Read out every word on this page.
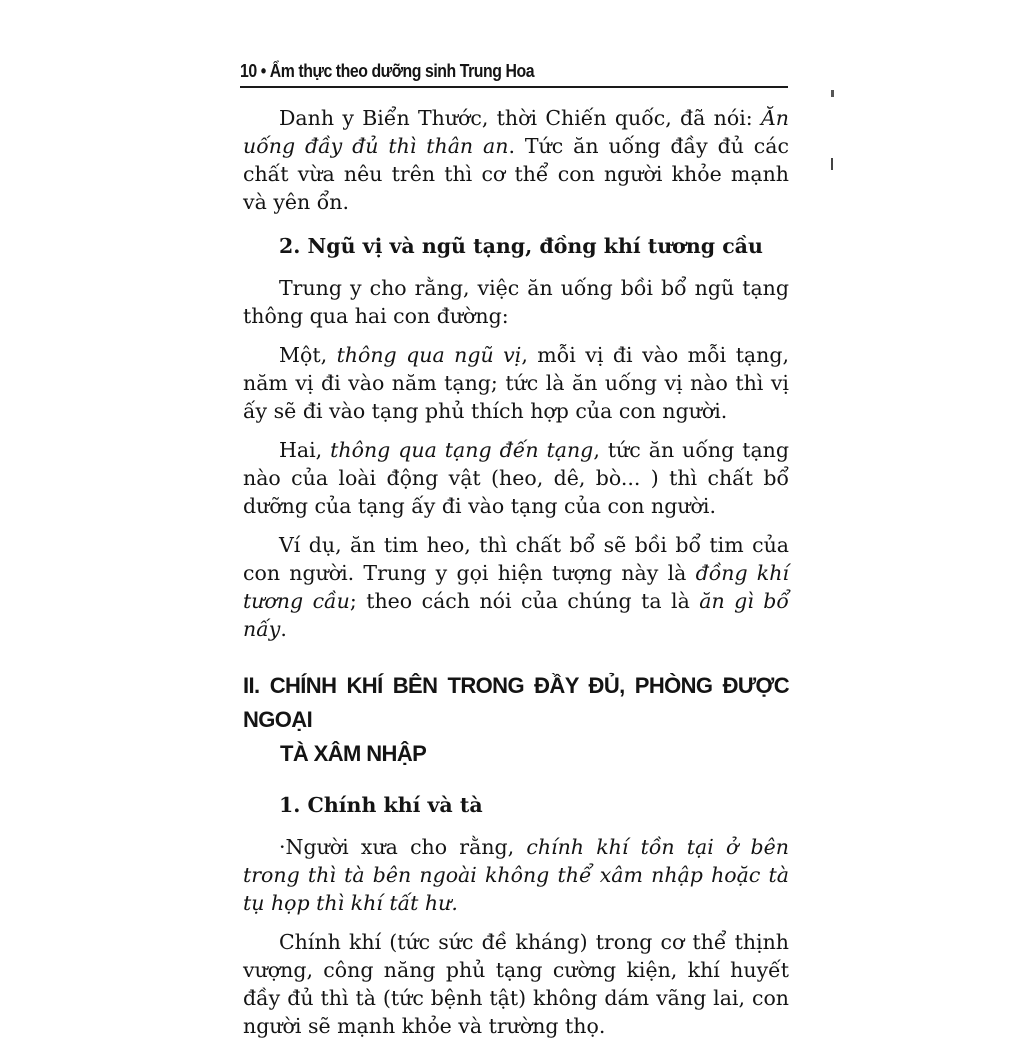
10 • Ẩm thực theo dưỡng sinh Trung Hoa

Danh y Biển Thước, thời Chiến quốc, đã nói: Ăn uống đầy đủ thì thân an. Tức ăn uống đầy đủ các chất vừa nêu trên thì cơ thể con người khỏe mạnh và yên ổn.

2. Ngũ vị và ngũ tạng, đồng khí tương cầu

Trung y cho rằng, việc ăn uống bồi bổ ngũ tạng thông qua hai con đường:

Một, thông qua ngũ vị, mỗi vị đi vào mỗi tạng, năm vị đi vào năm tạng; tức là ăn uống vị nào thì vị ấy sẽ đi vào tạng phủ thích hợp của con người.

Hai, thông qua tạng đến tạng, tức ăn uống tạng nào của loài động vật (heo, dê, bò... ) thì chất bổ dưỡng của tạng ấy đi vào tạng của con người.

Ví dụ, ăn tim heo, thì chất bổ sẽ bồi bổ tim của con người. Trung y gọi hiện tượng này là đồng khí tương cầu; theo cách nói của chúng ta là ăn gì bổ nấy.

II. CHÍNH KHÍ BÊN TRONG ĐẦY ĐỦ, PHÒNG ĐƯỢC NGOẠI
TÀ XÂM NHẬP
1. Chính khí và tà

·Người xưa cho rằng, chính khí tồn tại ở bên trong thì tà bên ngoài không thể xâm nhập hoặc tà tụ họp thì khí tất hư.

Chính khí (tức sức đề kháng) trong cơ thể thịnh vượng, công năng phủ tạng cường kiện, khí huyết đầy đủ thì tà (tức bệnh tật) không dám vãng lai, con người sẽ mạnh khỏe và trường thọ.
